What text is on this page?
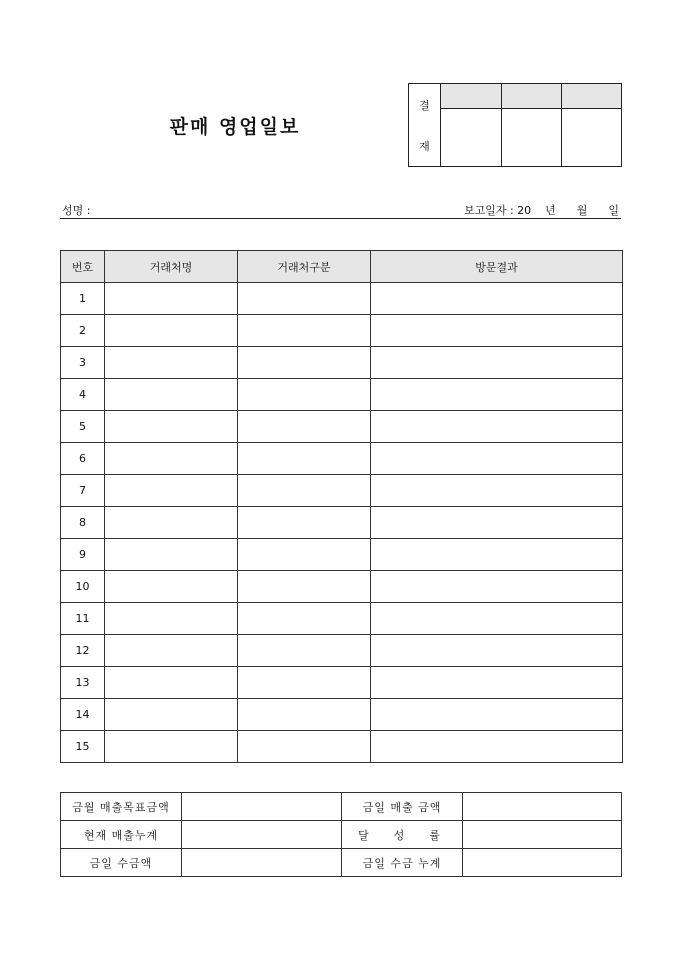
판매 영업일보
결
재			

성명 :	보고일자 : 20    년      월      일
번호	거래처명	거래처구분	방문결과
1			
2			
3			
4			
5			
6			
7			
8			
9			
10			
11			
12			
13			
14			
15			
금월 매출목표금액		금일 매출 금액	
현재 매출누계		달  성  률	
금일 수금액		금일 수금 누계	
